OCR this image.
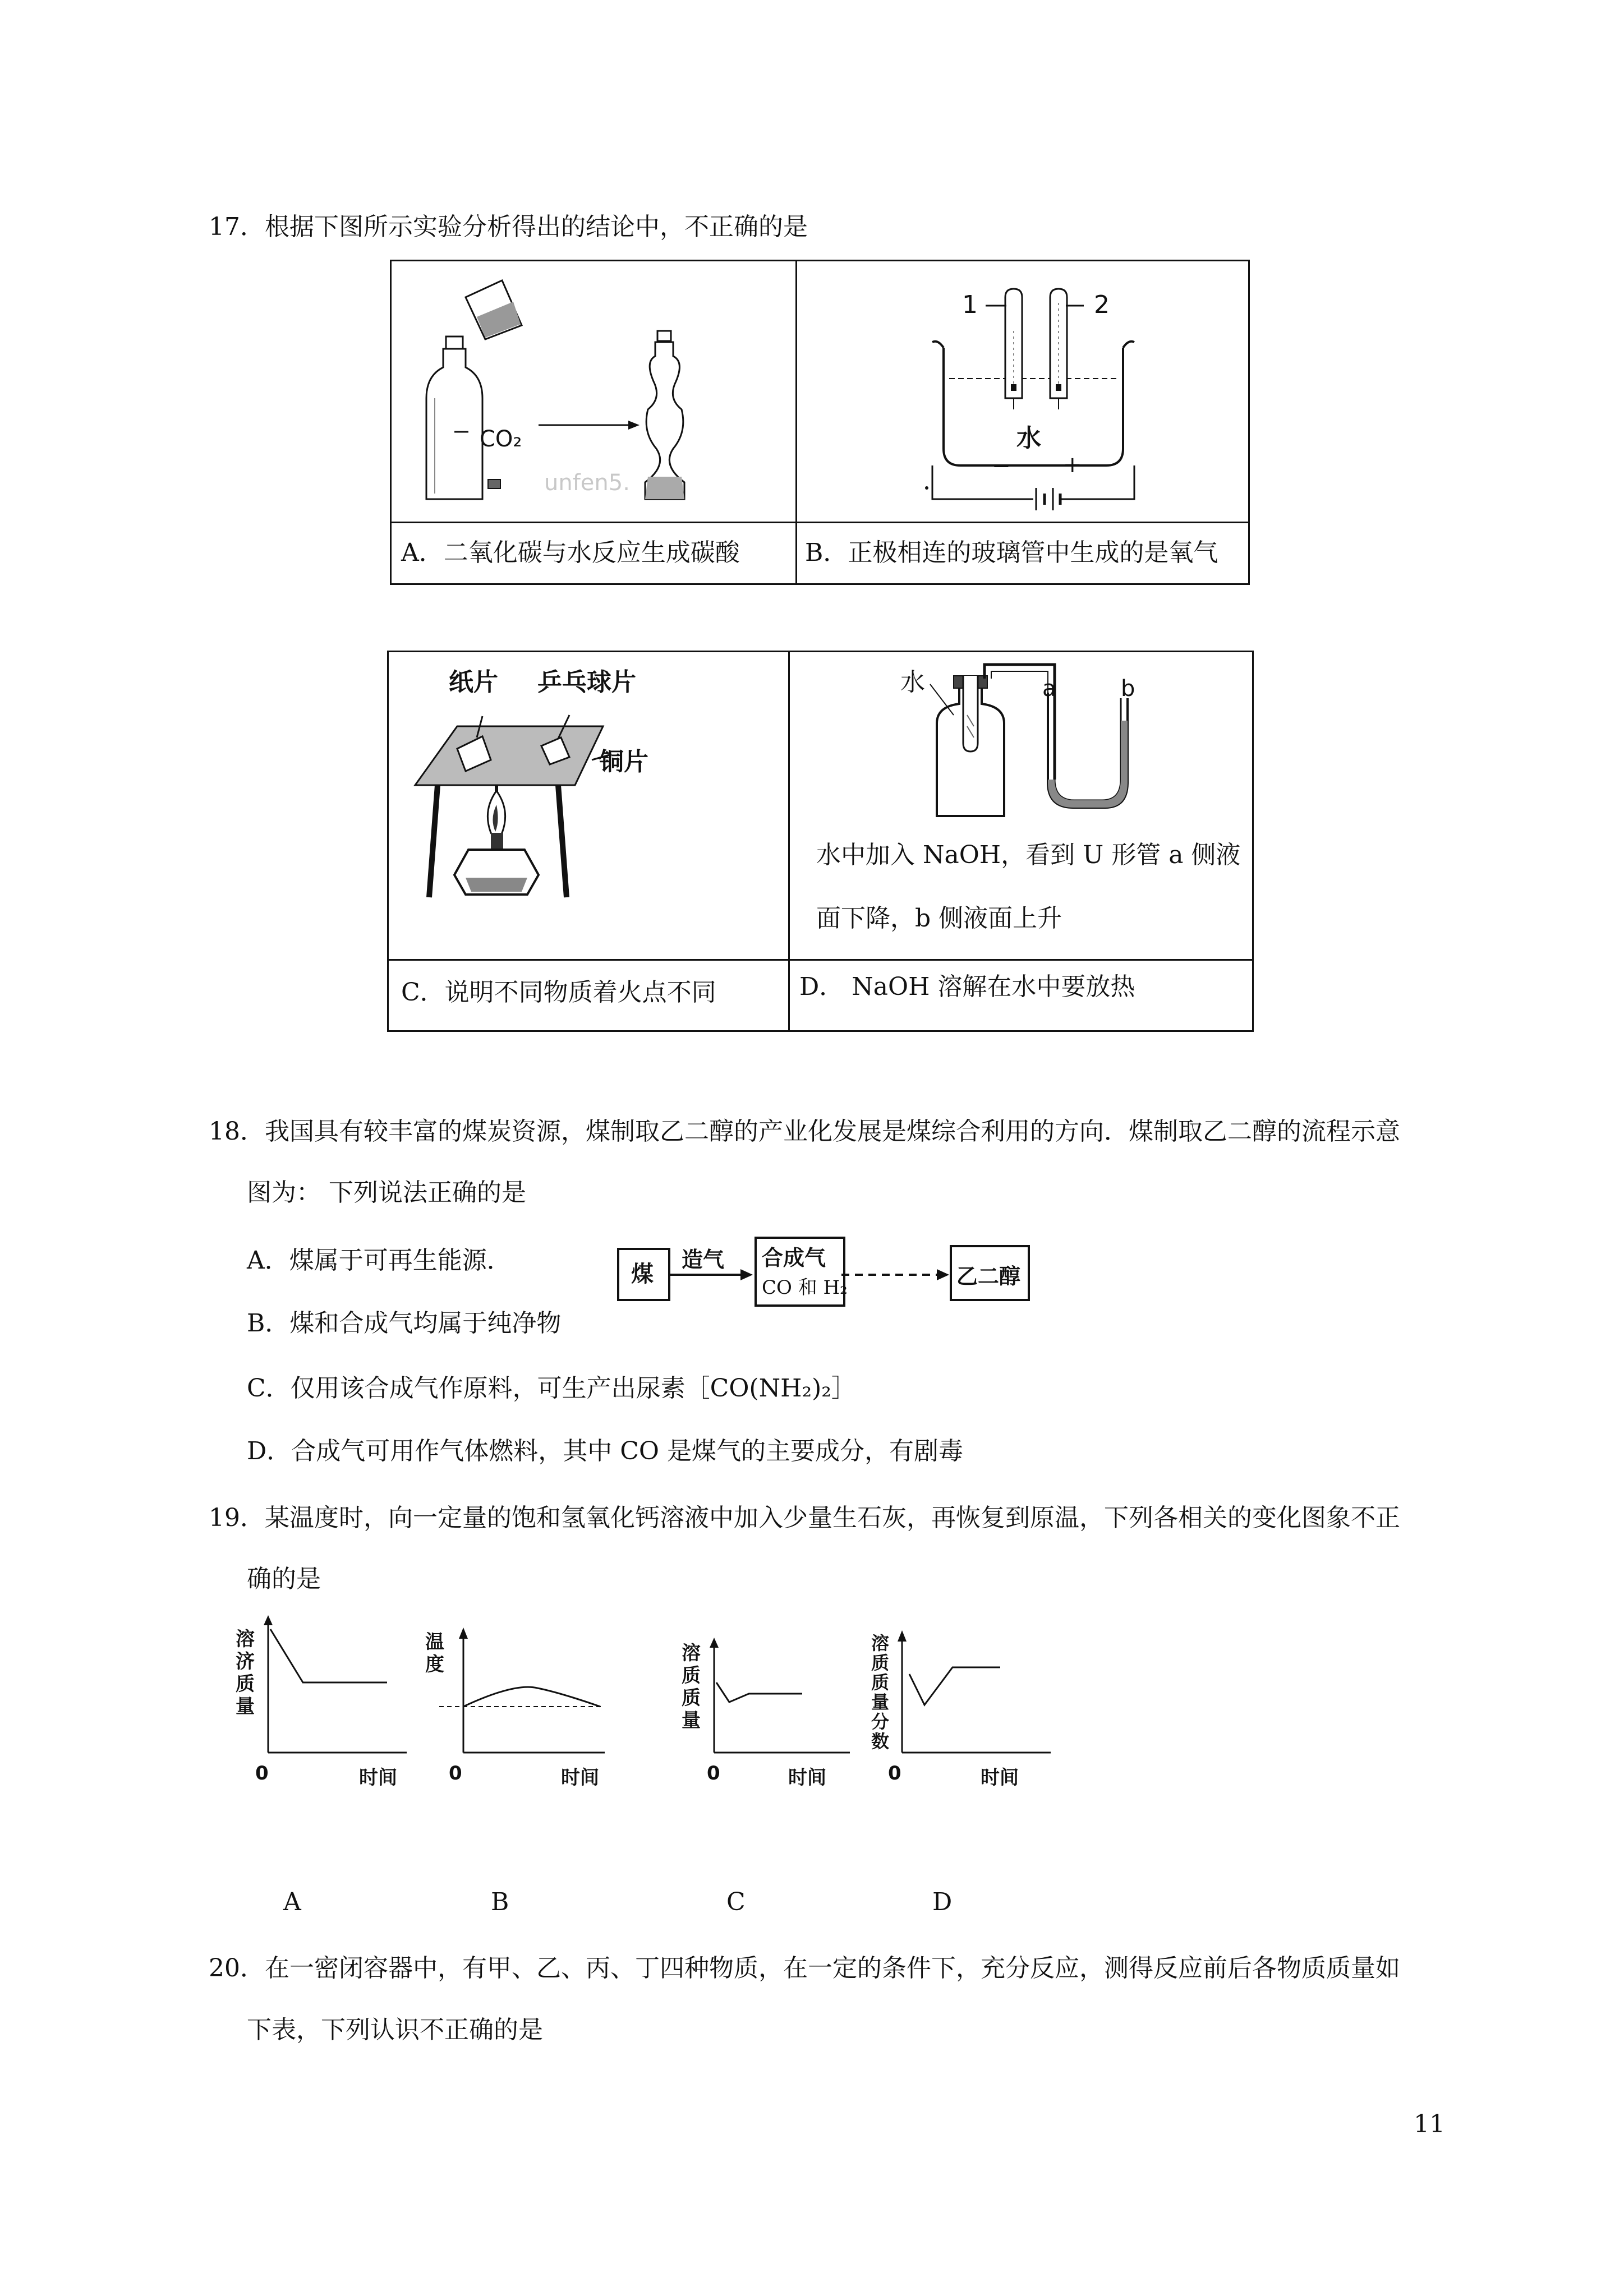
17．根据下图所示实验分析得出的结论中，不正确的是
CO₂
unfen5.
1	2
水
− +
A．二氧化碳与水反应生成碳酸	B．正极相连的玻璃管中生成的是氧气
纸片 乒乓球片
铜片
水	a	b
水中加入 NaOH，看到 U 形管 a 侧液
面下降，b 侧液面上升
C．说明不同物质着火点不同	D． NaOH 溶解在水中要放热
18．我国具有较丰富的煤炭资源，煤制取乙二醇的产业化发展是煤综合利用的方向．煤制取乙二醇的流程示意
图为： 下列说法正确的是
A．煤属于可再生能源．
B．煤和合成气均属于纯净物
C．仅用该合成气作原料，可生产出尿素［CO(NH₂)₂］
D．合成气可用作气体燃料，其中 CO 是煤气的主要成分，有剧毒
煤
造气 合成气
CO 和 H₂	乙二醇
19．某温度时，向一定量的饱和氢氧化钙溶液中加入少量生石灰，再恢复到原温，下列各相关的变化图象不正
确的是
溶
济
质
量
0	时间
温
度
0	时间
溶
质
质
量
0	时间
溶
质
质
量
分
数
0	时间
A	B	C	D
20．在一密闭容器中，有甲、乙、丙、丁四种物质，在一定的条件下，充分反应，测得反应前后各物质质量如
下表，下列认识不正确的是
11
